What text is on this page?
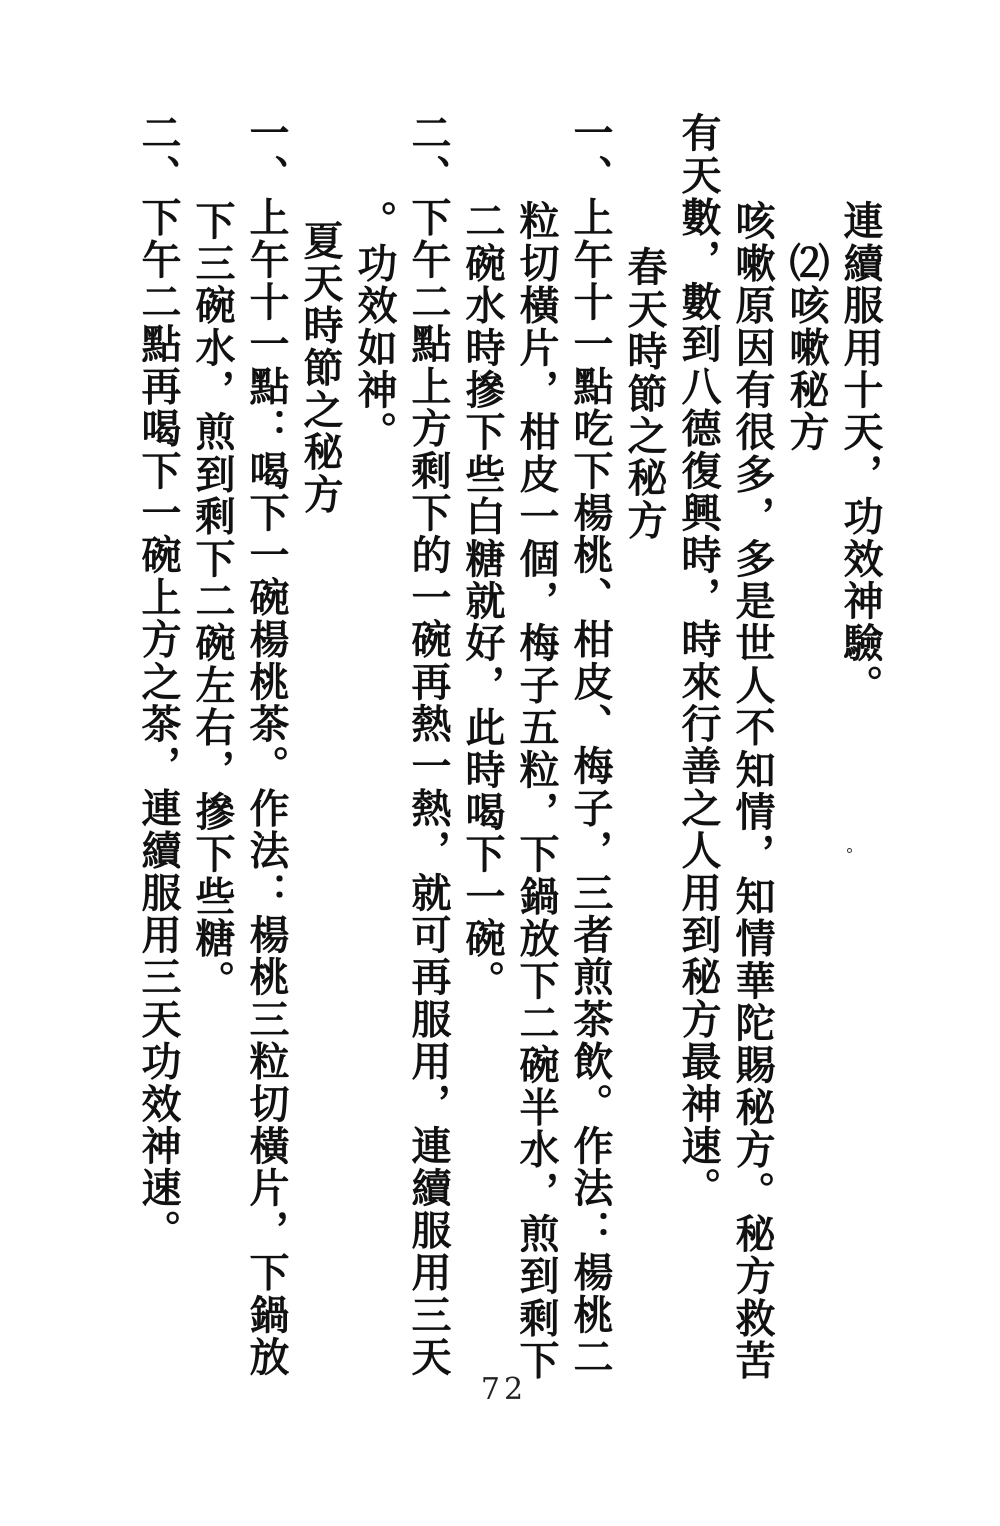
連續服用十天，功效神驗。
⑵咳嗽秘方
咳嗽原因有很多，多是世人不知情，知情華陀賜秘方。秘方救苦
有天數，數到八德復興時，時來行善之人用到秘方最神速。
春天時節之秘方
一、上午十一點吃下楊桃、柑皮、梅子，三者煎茶飲。作法：楊桃二
粒切橫片，柑皮一個，梅子五粒，下鍋放下二碗半水，煎到剩下
二碗水時摻下些白糖就好，此時喝下一碗。
二、下午二點上方剩下的一碗再熱一熱，就可再服用，連續服用三天
。功效如神。
夏天時節之秘方
一、上午十一點：喝下一碗楊桃茶。作法：楊桃三粒切橫片，下鍋放
下三碗水，煎到剩下二碗左右，摻下些糖。
二、下午二點再喝下一碗上方之茶，連續服用三天功效神速。
72
